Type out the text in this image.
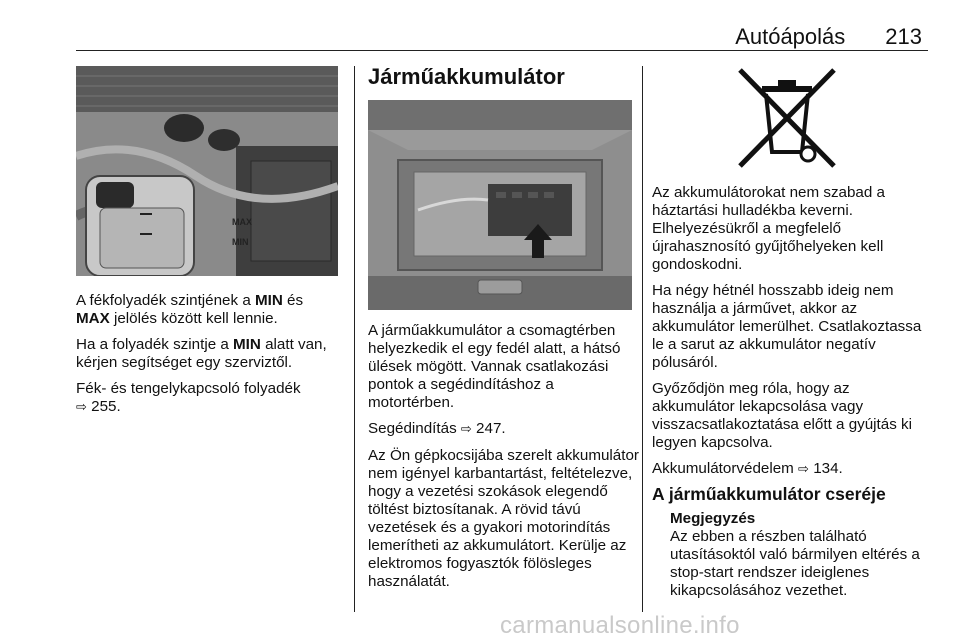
Autóápolás 213
MAX
MIN

A fékfolyadék szintjének a MIN és
MAX jelölés között kell lennie.

Ha a folyadék szintje a MIN alatt van, kérjen segítséget egy szerviztől.

Fék- és tengelykapcsoló folyadék
⇨ 255.

Járműakkumulátor

A járműakkumulátor a csomagtérben helyezkedik el egy fedél alatt, a hátsó ülések mögött. Vannak csatlakozási pontok a segédindításhoz a motortérben.

Segédindítás ⇨ 247.

Az Ön gépkocsijába szerelt akkumulátor nem igényel karbantartást, feltételezve, hogy a vezetési szokások elegendő töltést biztosítanak. A rövid távú vezetések és a gyakori motorindítás lemerítheti az akkumulátort. Kerülje az elektromos fogyasztók fölösleges használatát.

Az akkumulátorokat nem szabad a háztartási hulladékba keverni. Elhelyezésükről a megfelelő újrahasznosító gyűjtőhelyeken kell gondoskodni.

Ha négy hétnél hosszabb ideig nem használja a járművet, akkor az akkumulátor lemerülhet. Csatlakoztassa le a sarut az akkumulátor negatív pólusáról.

Győződjön meg róla, hogy az akkumulátor lekapcsolása vagy visszacsatlakoztatása előtt a gyújtás ki legyen kapcsolva.

Akkumulátorvédelem ⇨ 134.

A járműakkumulátor cseréje
Megjegyzés
Az ebben a részben található utasításoktól való bármilyen eltérés a stop-start rendszer ideiglenes kikapcsolásához vezethet.
carmanualsonline.info
